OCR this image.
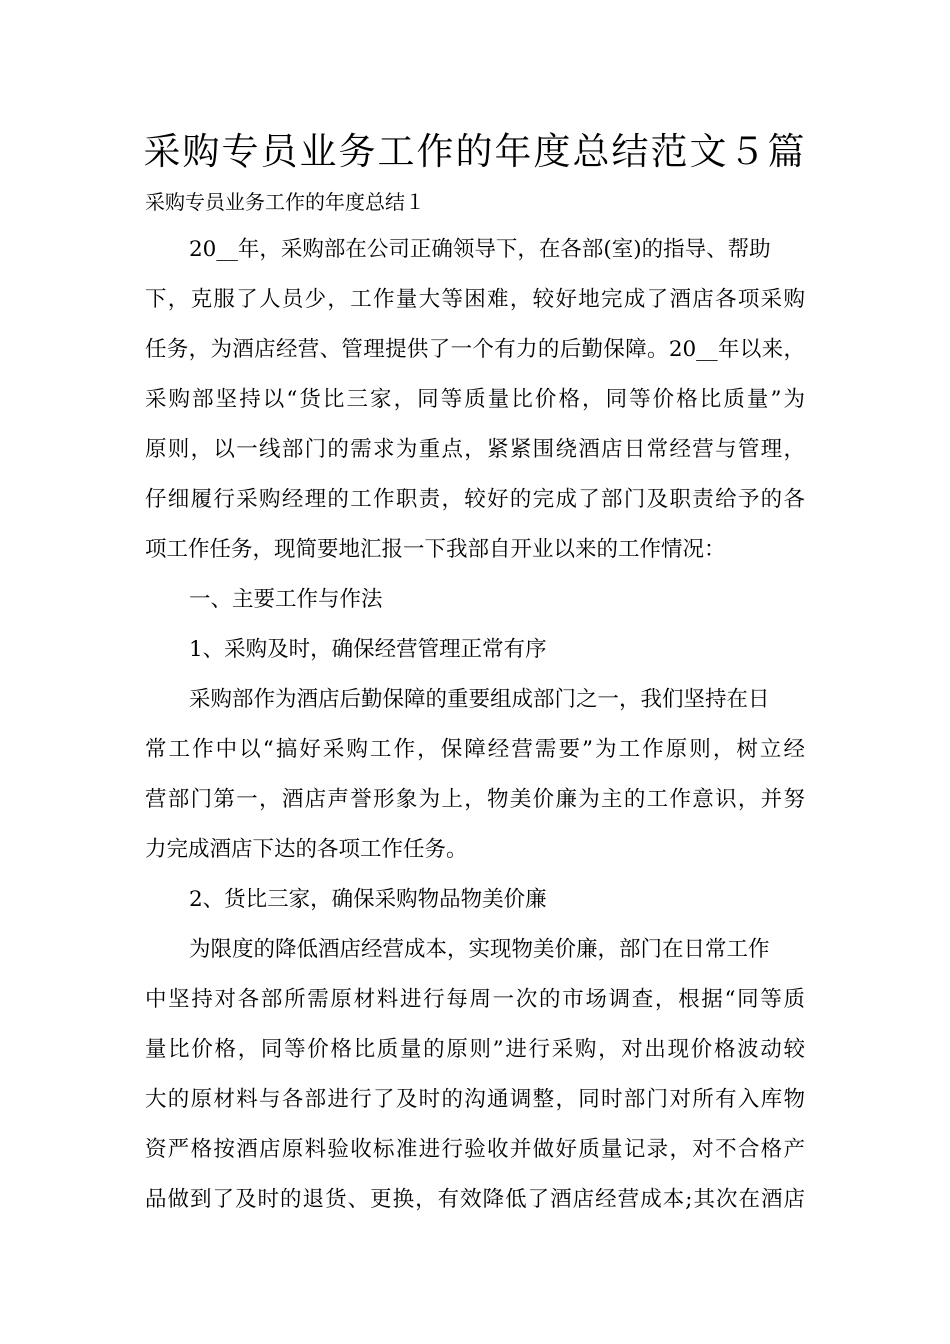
采购专员业务工作的年度总结范文５篇

采购专员业务工作的年度总结１

20__年，采购部在公司正确领导下，在各部(室)的指导、帮助

下，克服了人员少，工作量大等困难，较好地完成了酒店各项采购

任务，为酒店经营、管理提供了一个有力的后勤保障。20__年以来，

采购部坚持以“货比三家，同等质量比价格，同等价格比质量”为

原则，以一线部门的需求为重点，紧紧围绕酒店日常经营与管理，

仔细履行采购经理的工作职责，较好的完成了部门及职责给予的各

项工作任务，现简要地汇报一下我部自开业以来的工作情况：

一、主要工作与作法

1、采购及时，确保经营管理正常有序

采购部作为酒店后勤保障的重要组成部门之一，我们坚持在日

常工作中以“搞好采购工作，保障经营需要”为工作原则，树立经

营部门第一，酒店声誉形象为上，物美价廉为主的工作意识，并努

力完成酒店下达的各项工作任务。

2、货比三家，确保采购物品物美价廉

为限度的降低酒店经营成本，实现物美价廉，部门在日常工作

中坚持对各部所需原材料进行每周一次的市场调查，根据“同等质

量比价格，同等价格比质量的原则”进行采购，对出现价格波动较

大的原材料与各部进行了及时的沟通调整，同时部门对所有入库物

资严格按酒店原料验收标准进行验收并做好质量记录，对不合格产

品做到了及时的退货、更换，有效降低了酒店经营成本;其次在酒店
